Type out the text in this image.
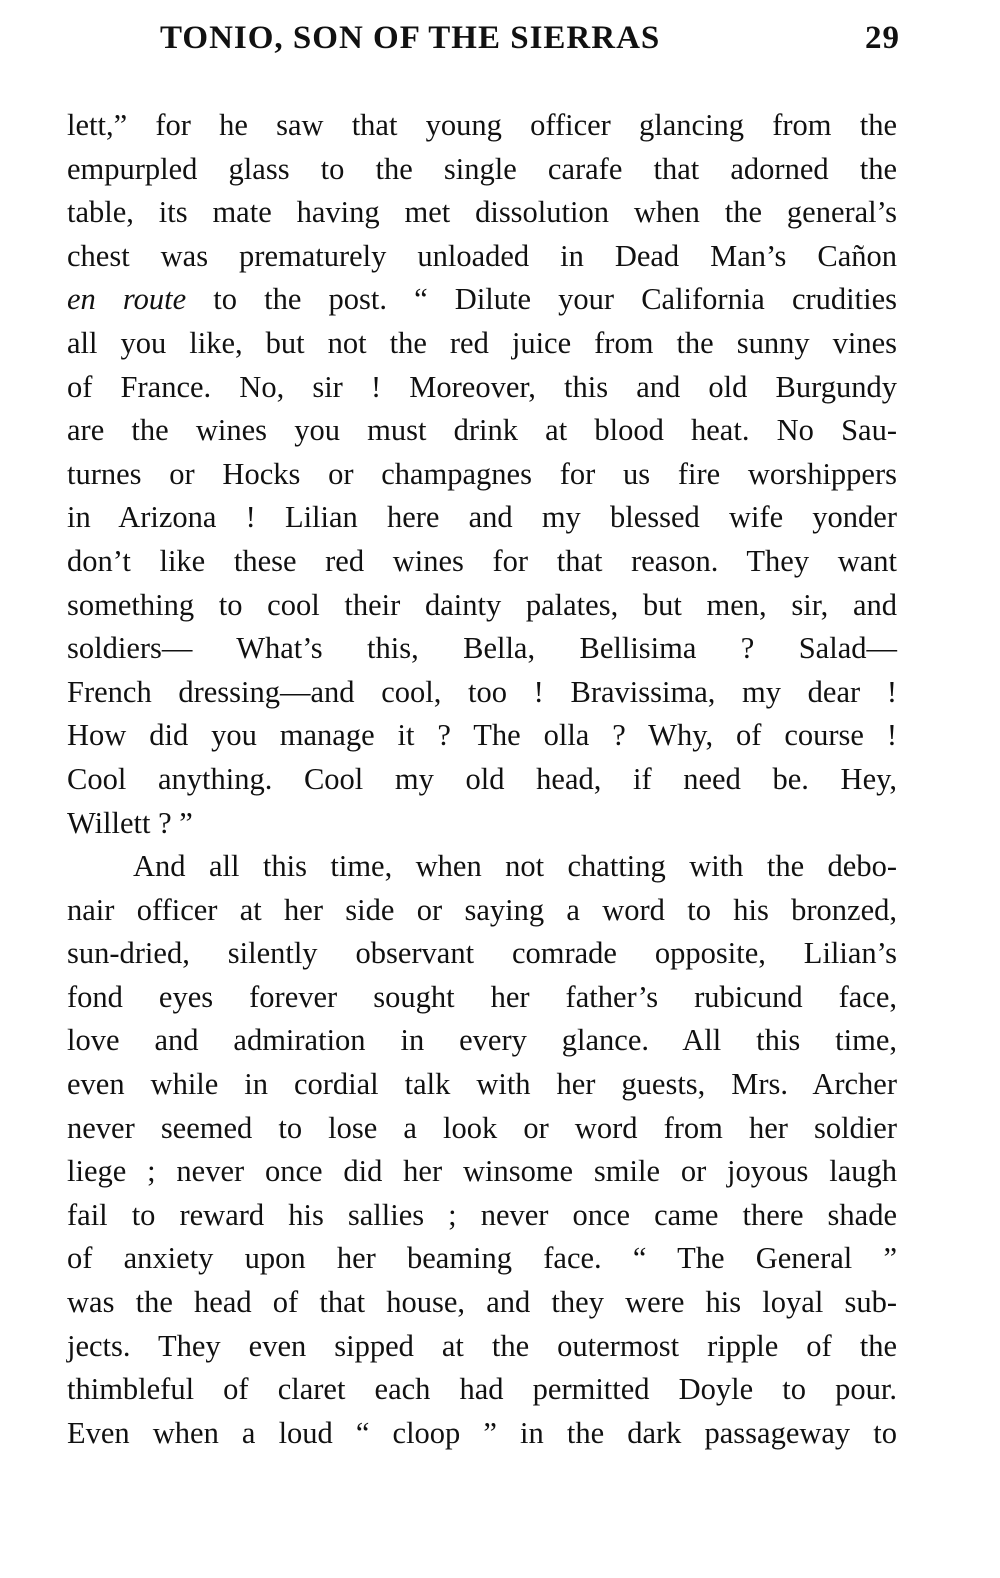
TONIO, SON OF THE SIERRAS	29
lett,” for he saw that young officer glancing from the
empurpled glass to the single carafe that adorned the
table, its mate having met dissolution when the general’s
chest was prematurely unloaded in Dead Man’s Cañon
en route to the post. “ Dilute your California crudities
all you like, but not the red juice from the sunny vines
of France. No, sir ! Moreover, this and old Burgundy
are the wines you must drink at blood heat. No Sau-
turnes or Hocks or champagnes for us fire worshippers
in Arizona ! Lilian here and my blessed wife yonder
don’t like these red wines for that reason. They want
something to cool their dainty palates, but men, sir, and
soldiers— What’s this, Bella, Bellisima ? Salad—
French dressing—and cool, too ! Bravissima, my dear !
How did you manage it ? The olla ? Why, of course !
Cool anything. Cool my old head, if need be. Hey,
Willett ? ”
And all this time, when not chatting with the debo-
nair officer at her side or saying a word to his bronzed,
sun-dried, silently observant comrade opposite, Lilian’s
fond eyes forever sought her father’s rubicund face,
love and admiration in every glance. All this time,
even while in cordial talk with her guests, Mrs. Archer
never seemed to lose a look or word from her soldier
liege ; never once did her winsome smile or joyous laugh
fail to reward his sallies ; never once came there shade
of anxiety upon her beaming face. “ The General ”
was the head of that house, and they were his loyal sub-
jects. They even sipped at the outermost ripple of the
thimbleful of claret each had permitted Doyle to pour.
Even when a loud “ cloop ” in the dark passageway to
